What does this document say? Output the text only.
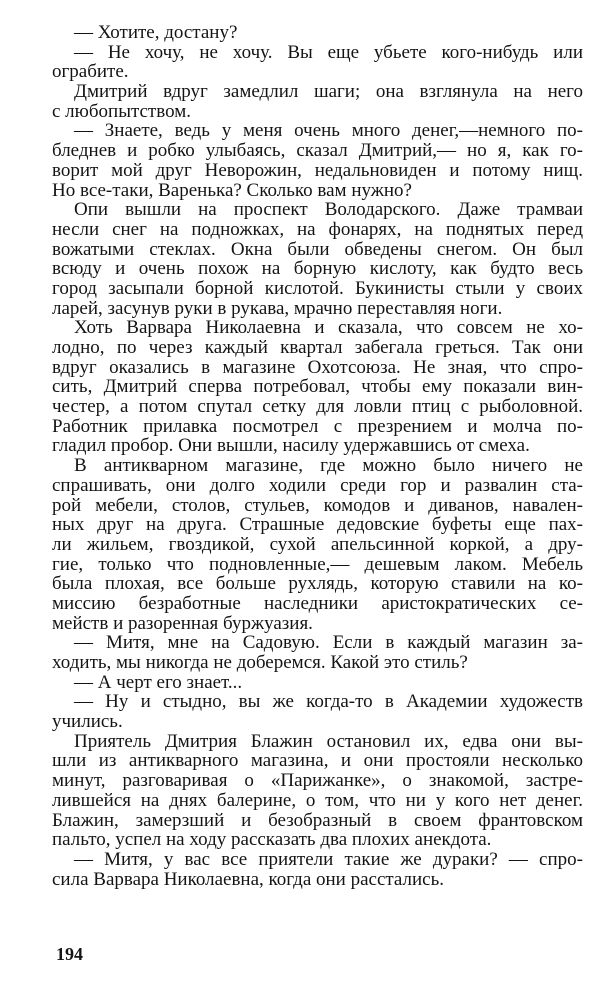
— Хотите, достану?
— Не хочу, не хочу. Вы еще убьете кого-нибудь или
ограбите.
Дмитрий вдруг замедлил шаги; она взглянула на него
с любопытством.
— Знаете, ведь у меня очень много денег,—немного по-
бледнев и робко улыбаясь, сказал Дмитрий,— но я, как го-
ворит мой друг Неворожин, недальновиден и потому нищ.
Но все-таки, Варенька? Сколько вам нужно?
Опи вышли на проспект Володарского. Даже трамваи
несли снег на подножках, на фонарях, на поднятых перед
вожатыми стеклах. Окна были обведены снегом. Он был
всюду и очень похож на борную кислоту, как будто весь
город засыпали борной кислотой. Букинисты стыли у своих
ларей, засунув руки в рукава, мрачно переставляя ноги.
Хоть Варвара Николаевна и сказала, что совсем не хо-
лодно, по через каждый квартал забегала греться. Так они
вдруг оказались в магазине Охотсоюза. Не зная, что спро-
сить, Дмитрий сперва потребовал, чтобы ему показали вин-
честер, а потом спутал сетку для ловли птиц с рыболовной.
Работник прилавка посмотрел с презрением и молча по-
гладил пробор. Они вышли, насилу удержавшись от смеха.
В антикварном магазине, где можно было ничего не
спрашивать, они долго ходили среди гор и развалин ста-
рой мебели, столов, стульев, комодов и диванов, навален-
ных друг на друга. Страшные дедовские буфеты еще пах-
ли жильем, гвоздикой, сухой апельсинной коркой, а дру-
гие, только что подновленные,— дешевым лаком. Мебель
была плохая, все больше рухлядь, которую ставили на ко-
миссию безработные наследники аристократических се-
мейств и разоренная буржуазия.
— Митя, мне на Садовую. Если в каждый магазин за-
ходить, мы никогда не доберемся. Какой это стиль?
— А черт его знает...
— Ну и стыдно, вы же когда-то в Академии художеств
учились.
Приятель Дмитрия Блажин остановил их, едва они вы-
шли из антикварного магазина, и они простояли несколько
минут, разговаривая о «Парижанке», о знакомой, застре-
лившейся на днях балерине, о том, что ни у кого нет денег.
Блажин, замерзший и безобразный в своем франтовском
пальто, успел на ходу рассказать два плохих анекдота.
— Митя, у вас все приятели такие же дураки? — спро-
сила Варвара Николаевна, когда они расстались.
194
